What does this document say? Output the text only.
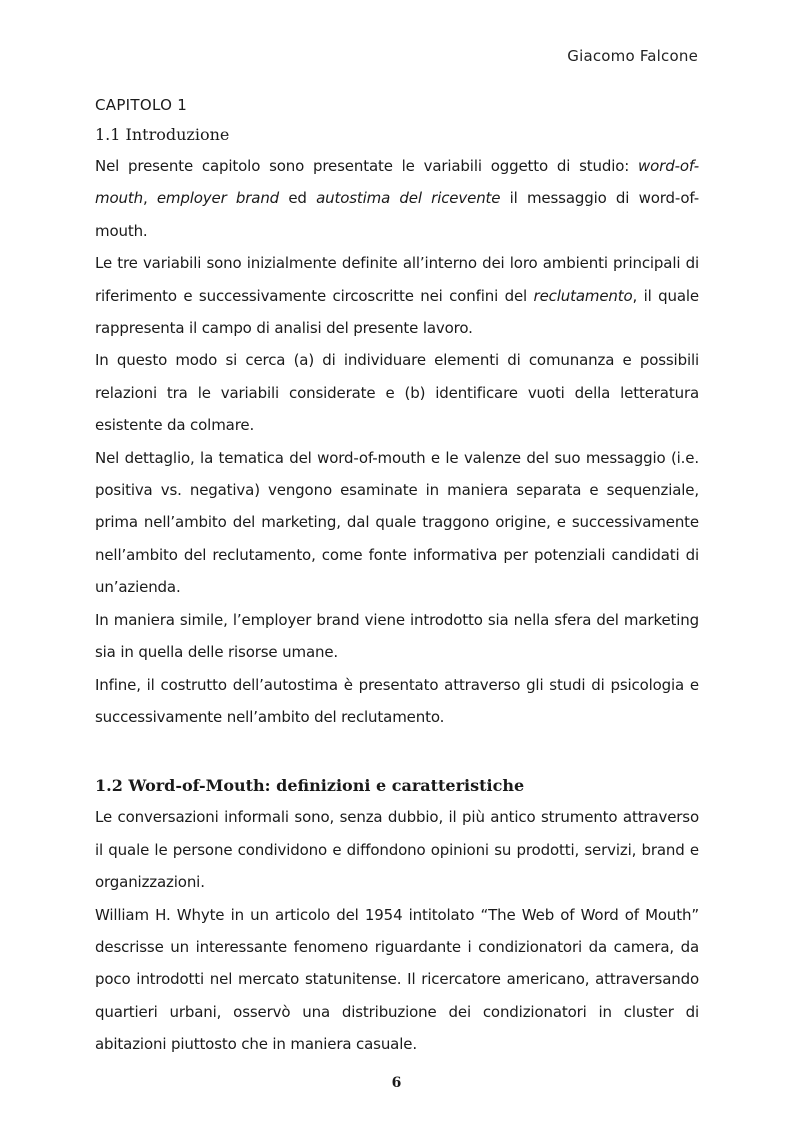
Giacomo Falcone
CAPITOLO 1
1.1 Introduzione

Nel presente capitolo sono presentate le variabili oggetto di studio: word-of-mouth, employer brand ed autostima del ricevente il messaggio di word-of-mouth.

Le tre variabili sono inizialmente definite all’interno dei loro ambienti principali di riferimento e successivamente circoscritte nei confini del reclutamento, il quale rappresenta il campo di analisi del presente lavoro.

In questo modo si cerca (a) di individuare elementi di comunanza e possibili relazioni tra le variabili considerate e (b) identificare vuoti della letteratura esistente da colmare.

Nel dettaglio, la tematica del word-of-mouth e le valenze del suo messaggio (i.e. positiva vs. negativa) vengono esaminate in maniera separata e sequenziale, prima nell’ambito del marketing, dal quale traggono origine, e successivamente nell’ambito del reclutamento, come fonte informativa per potenziali candidati di un’azienda.

In maniera simile, l’employer brand viene introdotto sia nella sfera del marketing sia in quella delle risorse umane.

Infine, il costrutto dell’autostima è presentato attraverso gli studi di psicologia e successivamente nell’ambito del reclutamento.

1.2 Word-of-Mouth: definizioni e caratteristiche

Le conversazioni informali sono, senza dubbio, il più antico strumento attraverso il quale le persone condividono e diffondono opinioni su prodotti, servizi, brand e organizzazioni.

William H. Whyte in un articolo del 1954 intitolato “The Web of Word of Mouth” descrisse un interessante fenomeno riguardante i condizionatori da camera, da poco introdotti nel mercato statunitense. Il ricercatore americano, attraversando quartieri urbani, osservò una distribuzione dei condizionatori in cluster di abitazioni piuttosto che in maniera casuale.

6
